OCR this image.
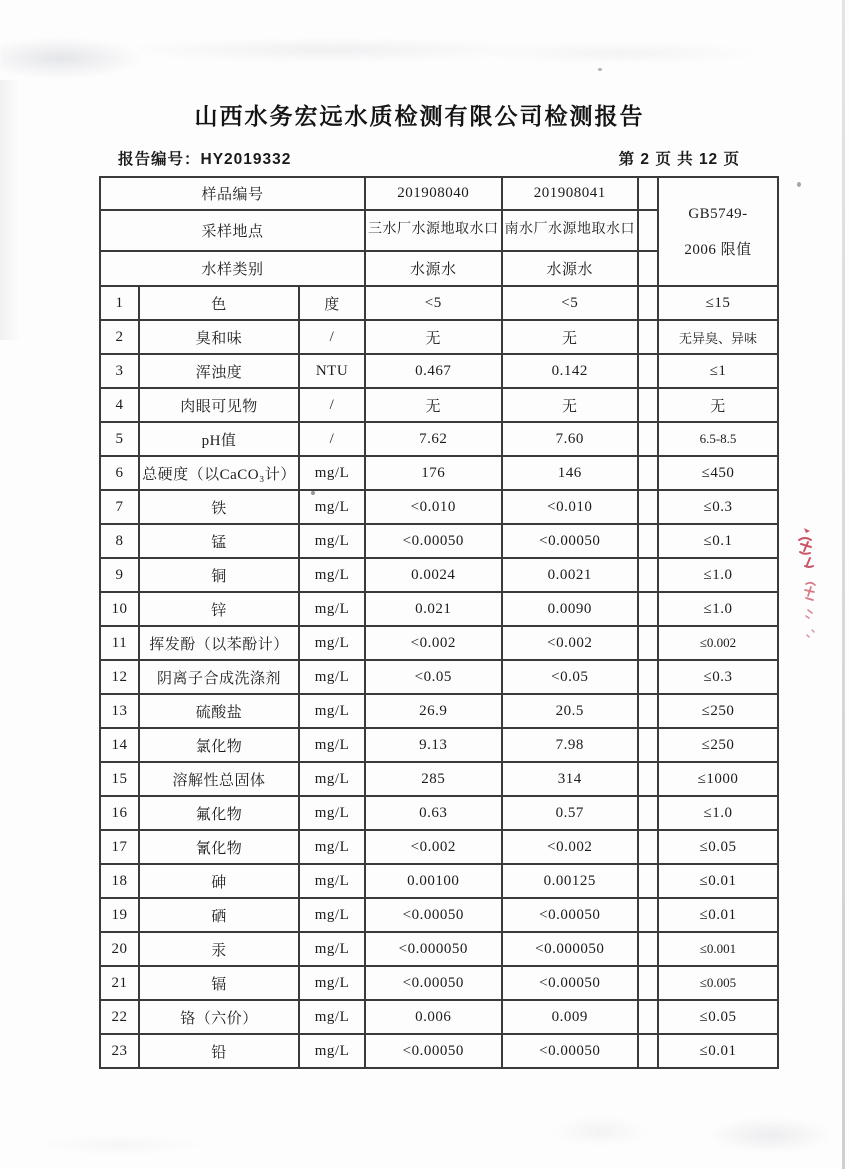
山西水务宏远水质检测有限公司检测报告
报告编号：HY2019332	第 2 页 共 12 页
样品编号			201908040	201908041		GB5749-
2006 限值

采样地点			三水厂水源地取水口	南水厂水源地取水口		
水样类别			水源水	水源水		
1	色	度	<5	<5		≤15
2	臭和味	/	无	无		无异臭、异味
3	浑浊度	NTU	0.467	0.142		≤1
4	肉眼可见物	/	无	无		无
5	pH值	/	7.62	7.60		6.5-8.5
6	总硬度（以CaCO₃计）	mg/L	176	146		≤450
7	铁	mg/L	<0.010	<0.010		≤0.3
8	锰	mg/L	<0.00050	<0.00050		≤0.1
9	铜	mg/L	0.0024	0.0021		≤1.0
10	锌	mg/L	0.021	0.0090		≤1.0
11	挥发酚（以苯酚计）	mg/L	<0.002	<0.002		≤0.002
12	阴离子合成洗涤剂	mg/L	<0.05	<0.05		≤0.3
13	硫酸盐	mg/L	26.9	20.5		≤250
14	氯化物	mg/L	9.13	7.98		≤250
15	溶解性总固体	mg/L	285	314		≤1000
16	氟化物	mg/L	0.63	0.57		≤1.0
17	氰化物	mg/L	<0.002	<0.002		≤0.05
18	砷	mg/L	0.00100	0.00125		≤0.01
19	硒	mg/L	<0.00050	<0.00050		≤0.01
20	汞	mg/L	<0.000050	<0.000050		≤0.001
21	镉	mg/L	<0.00050	<0.00050		≤0.005
22	铬（六价）	mg/L	0.006	0.009		≤0.05
23	铅	mg/L	<0.00050	<0.00050		≤0.01
